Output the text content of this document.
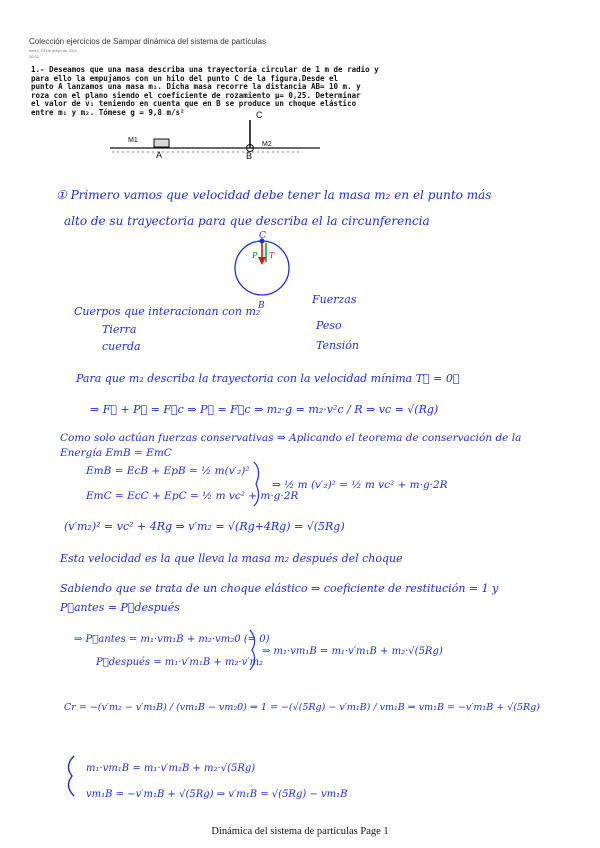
Colección ejercicios de Sampar dinámica del sistema de partículas
lunes, 23 de mayo de 2011
10:32
1.- Deseamos que una masa describa una trayectoria circular de 1 m de radio y
para ello la empujamos con un hilo del punto C de la figura.Desde el
punto A lanzamos una masa m₁. Dicha masa recorre la distancia AB= 10 m. y
roza con el plano siendo el coeficiente de rozamiento μ= 0,25. Determinar
el valor de v₁ teniendo en cuenta que en B se produce un choque elástico
entre m₁ y m₂. Tómese g = 9,8 m/s²
M1
M2
A	B
C
① Primero vamos que velocidad debe tener la masa m₂ en el punto más
alto de su trayectoria para que describa el la circunferencia
C
B
P T
Cuerpos que interacionan con m₂
Tierra
cuerda
Fuerzas
Peso
Tensión
Para que m₂ describa la trayectoria con la velocidad mínima T⃗ = 0⃗
⇒ F⃗ + P⃗ = F⃗c ⇒ P⃗ = F⃗c ⇒ m₂·g = m₂·v²c / R ⇒ vc = √(Rg)
Como solo actúan fuerzas conservativas ⇒ Aplicando el teorema de conservación de la
Energía EmB = EmC
EmB = EcB + EpB = ½ m(v′₂)²
EmC = EcC + EpC = ½ m vc² + m·g·2R
⇒ ½ m (v′₂)² = ½ m vc² + m·g·2R
(v′m₂)² = vc² + 4Rg ⇒ v′m₂ = √(Rg+4Rg) = √(5Rg)
Esta velocidad es la que lleva la masa m₂ después del choque
Sabiendo que se trata de un choque elástico ⇒ coeficiente de restitución = 1 y
P⃗antes = P⃗después
⇒ P⃗antes = m₁·vm₁B + m₂·vm₂0 (= 0)
P⃗después = m₁·v′m₁B + m₂·v′m₂
⇒ m₁·vm₁B = m₁·v′m₁B + m₂·√(5Rg)
Cr = −(v′m₂ − v′m₁B) / (vm₁B − vm₂0) ⇒ 1 = −(√(5Rg) − v′m₁B) / vm₁B ⇒ vm₁B = −v′m₁B + √(5Rg)
m₁·vm₁B = m₁·v′m₁B + m₂·√(5Rg)
vm₁B = −v′m₁B + √(5Rg) ⇒ v′m₁B = √(5Rg) − vm₁B
Dinámica del sistema de partículas Page 1
